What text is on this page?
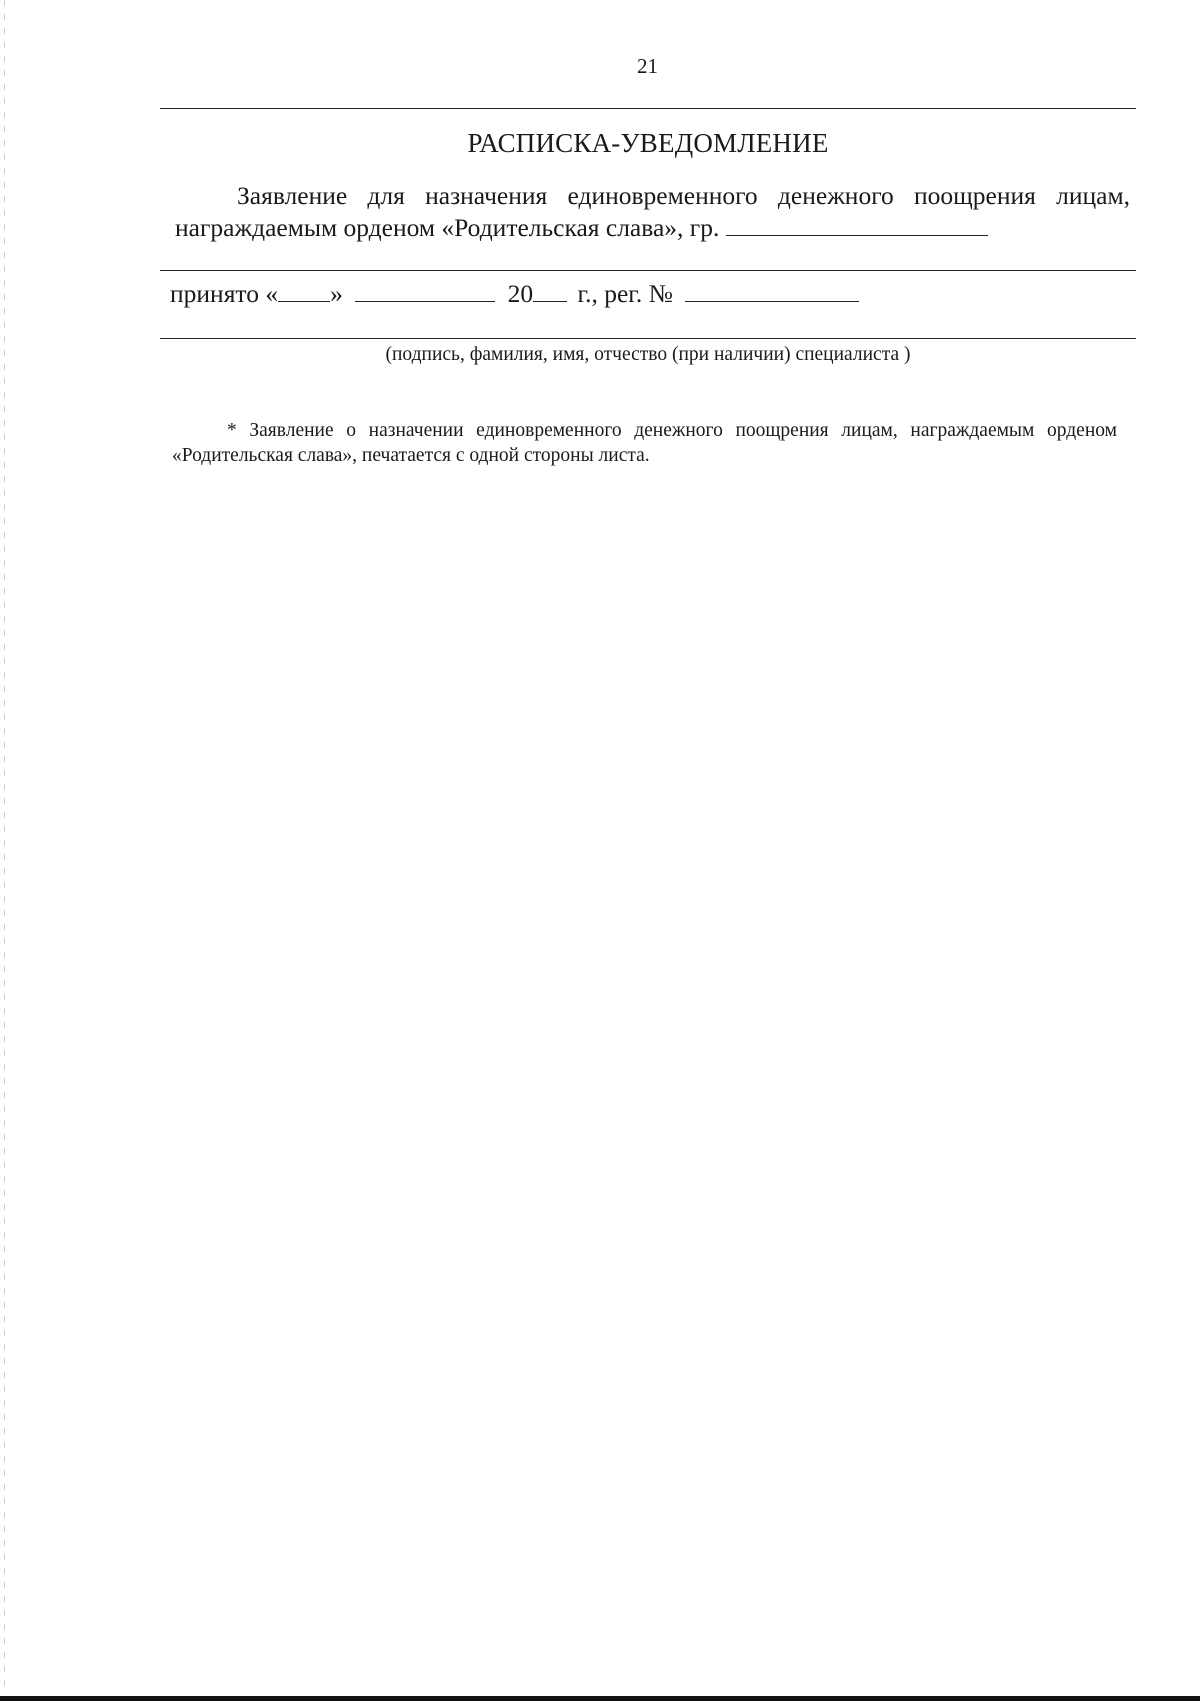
21
РАСПИСКА-УВЕДОМЛЕНИЕ
Заявление для назначения единовременного денежного поощрения лицам, награждаемым орденом «Родительская слава», гр.
принято « »	20 г., рег. №
(подпись, фамилия, имя, отчество (при наличии) специалиста )
* Заявление о назначении единовременного денежного поощрения лицам, награждаемым орденом «Родительская слава», печатается с одной стороны листа.
